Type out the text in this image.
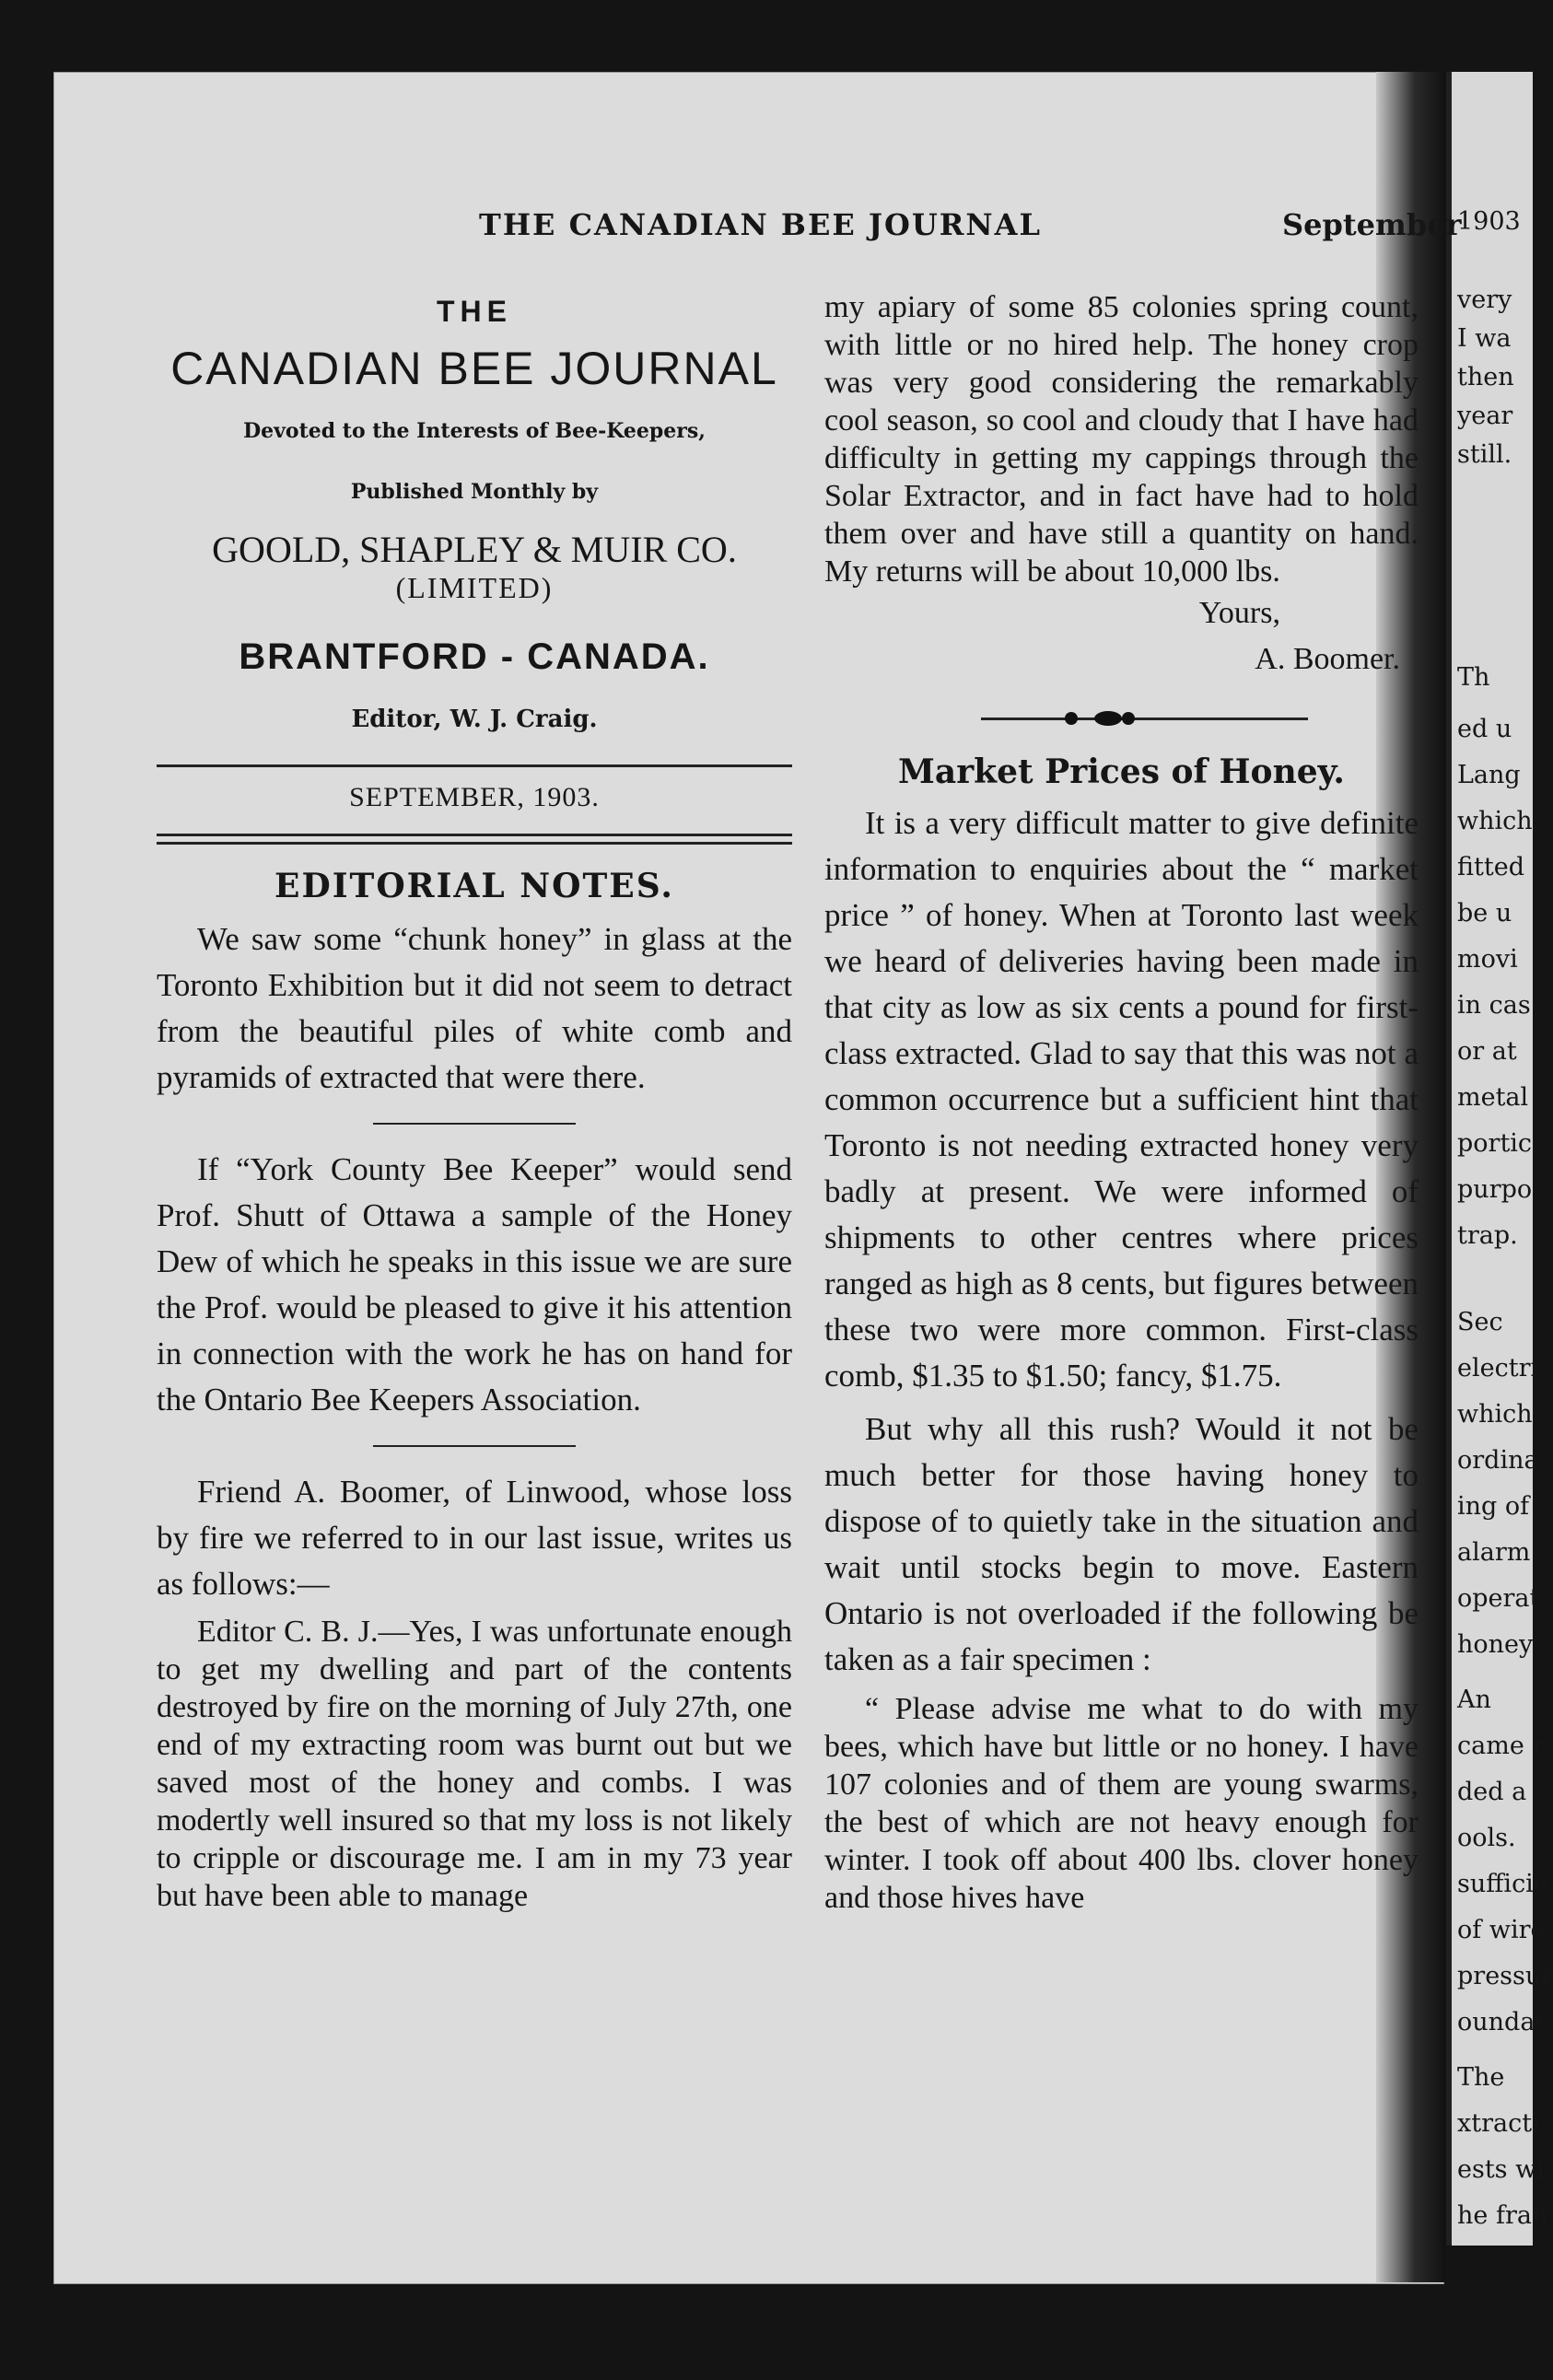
1903
very
I wa
then
year
still.
Th
ed u
Lang
which
fitted
be u
movi
in cas
or at
metal
portic
purpo
trap.
Sec
electri
which
ordina
ing of
alarm
operat
honey
An
came r
ded a
ools.
sufficie
of wire
pressur
oundat
The
xtracti
ests wi
he fran
THE CANADIAN BEE JOURNAL	September
THE
CANADIAN BEE JOURNAL
Devoted to the Interests of Bee-Keepers,
Published Monthly by
GOOLD, SHAPLEY & MUIR CO.
(LIMITED)
BRANTFORD - CANADA.
Editor, W. J. Craig.
SEPTEMBER, 1903.
EDITORIAL NOTES.
We saw some “chunk honey” in glass at the Toronto Exhibition but it did not seem to detract from the beautiful piles of white comb and pyramids of extracted that were there.
If “York County Bee Keeper” would send Prof. Shutt of Ottawa a sample of the Honey Dew of which he speaks in this issue we are sure the Prof. would be pleased to give it his attention in connection with the work he has on hand for the Ontario Bee Keepers Association.
Friend A. Boomer, of Linwood, whose loss by fire we referred to in our last issue, writes us as follows:—
Editor C. B. J.—Yes, I was unfortunate enough to get my dwelling and part of the contents destroyed by fire on the morning of July 27th, one end of my extracting room was burnt out but we saved most of the honey and combs. I was modertly well insured so that my loss is not likely to cripple or discourage me. I am in my 73 year but have been able to manage
my apiary of some 85 colonies spring count, with little or no hired help. The honey crop was very good considering the remarkably cool season, so cool and cloudy that I have had difficulty in getting my cappings through the Solar Extractor, and in fact have had to hold them over and have still a quantity on hand. My returns will be about 10,000 lbs.
Yours,
A. Boomer.
Market Prices of Honey.
It is a very difficult matter to give definite information to enquiries about the “ market price ” of honey. When at Toronto last week we heard of deliveries having been made in that city as low as six cents a pound for first-class extracted. Glad to say that this was not a common occurrence but a sufficient hint that Toronto is not needing extracted honey very badly at present. We were informed of shipments to other centres where prices ranged as high as 8 cents, but figures between these two were more common. First-class comb, $1.35 to $1.50; fancy, $1.75.
But why all this rush? Would it not be much better for those having honey to dispose of to quietly take in the situation and wait until stocks begin to move. Eastern Ontario is not overloaded if the following be taken as a fair specimen :
“ Please advise me what to do with my bees, which have but little or no honey. I have 107 colonies and of them are young swarms, the best of which are not heavy enough for winter. I took off about 400 lbs. clover honey and those hives have
